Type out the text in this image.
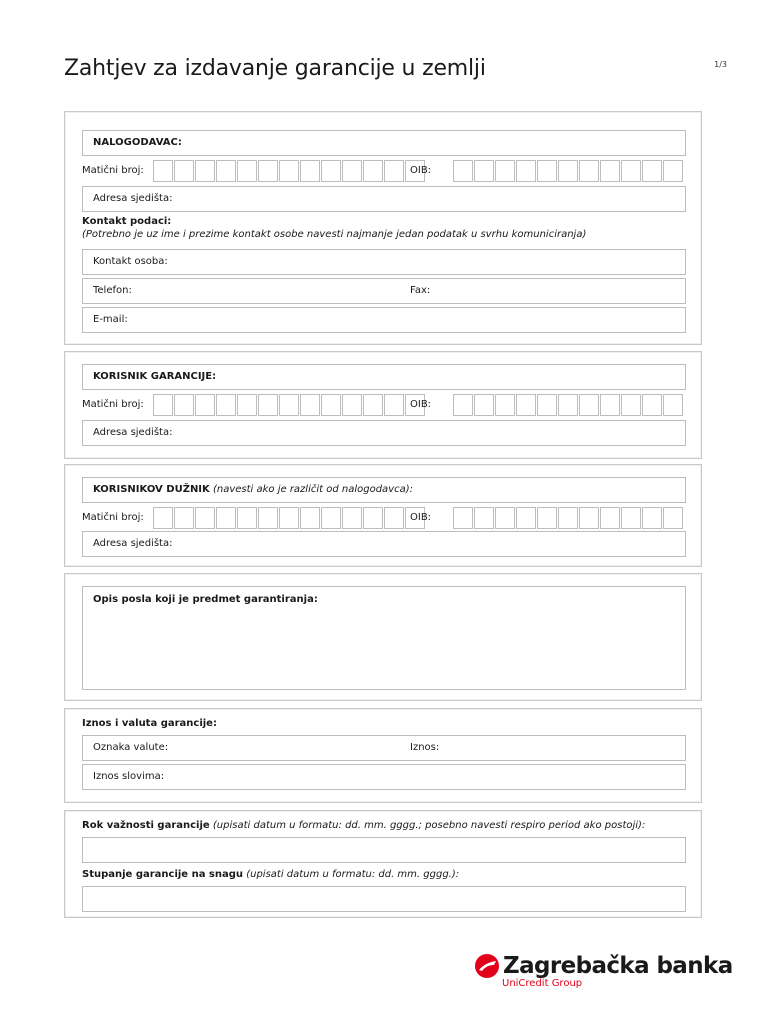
Zahtjev za izdavanje garancije u zemlji	1/3
NALOGODAVAC:
Matični broj:	OIB:
Adresa sjedišta:
Kontakt podaci:
(Potrebno je uz ime i prezime kontakt osobe navesti najmanje jedan podatak u svrhu komuniciranja)
Kontakt osoba:
Telefon:	Fax:
E-mail:
KORISNIK GARANCIJE:
Matični broj:	OIB:
Adresa sjedišta:
KORISNIKOV DUŽNIK (navesti ako je različit od nalogodavca):
Matični broj:	OIB:
Adresa sjedišta:
Opis posla koji je predmet garantiranja:
Iznos i valuta garancije:
Oznaka valute:	Iznos:
Iznos slovima:
Rok važnosti garancije (upisati datum u formatu: dd. mm. gggg.; posebno navesti respiro period ako postoji):
Stupanje garancije na snagu (upisati datum u formatu: dd. mm. gggg.):
Zagrebačka banka
UniCredit Group
